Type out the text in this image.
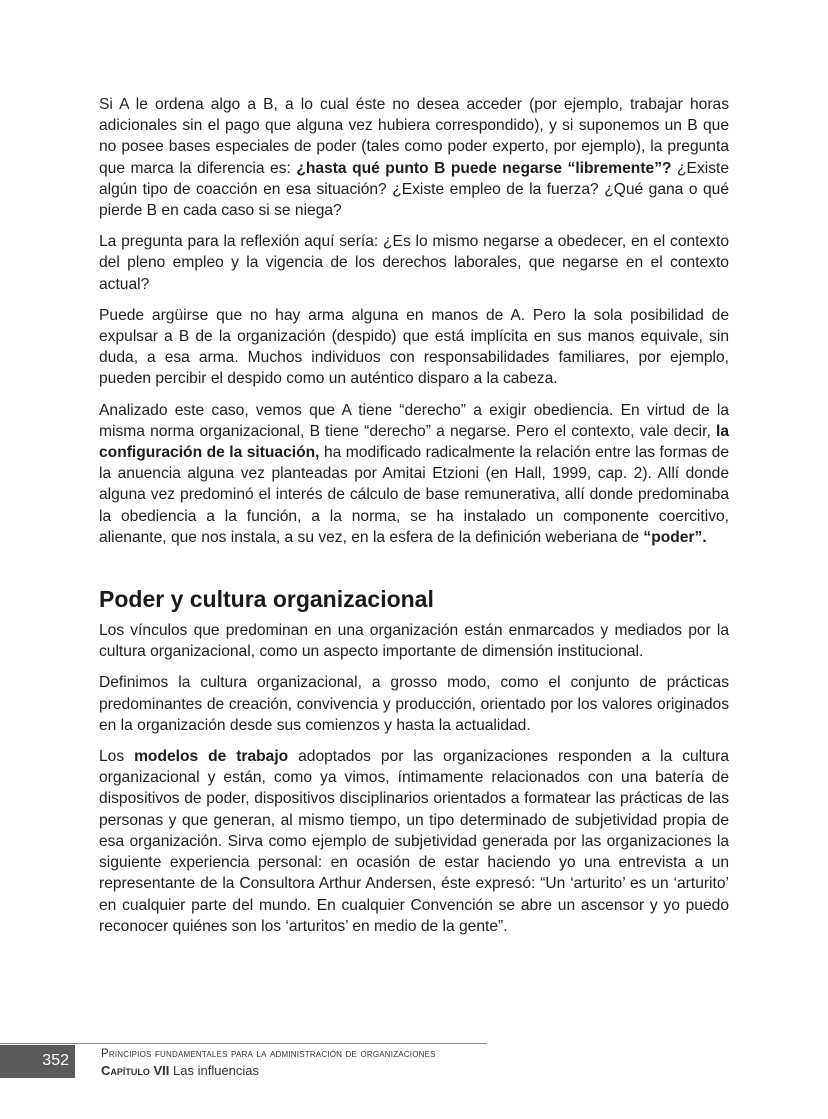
Si A le ordena algo a B, a lo cual éste no desea acceder (por ejemplo, trabajar horas adicionales sin el pago que alguna vez hubiera correspondido), y si suponemos un B que no posee bases especiales de poder (tales como poder experto, por ejemplo), la pregunta que marca la diferencia es: ¿hasta qué punto B puede negarse “libremente”? ¿Existe algún tipo de coacción en esa situación? ¿Existe empleo de la fuerza? ¿Qué gana o qué pierde B en cada caso si se niega?

La pregunta para la reflexión aquí sería: ¿Es lo mismo negarse a obedecer, en el contexto del pleno empleo y la vigencia de los derechos laborales, que negarse en el contexto actual?

Puede argüirse que no hay arma alguna en manos de A. Pero la sola posibilidad de expulsar a B de la organización (despido) que está implícita en sus manos equivale, sin duda, a esa arma. Muchos individuos con responsabilidades familiares, por ejemplo, pueden percibir el despido como un auténtico disparo a la cabeza.

Analizado este caso, vemos que A tiene “derecho” a exigir obediencia. En virtud de la misma norma organizacional, B tiene “derecho” a negarse. Pero el contexto, vale decir, la configuración de la situación, ha modificado radicalmente la relación entre las formas de la anuencia alguna vez planteadas por Amitai Etzioni (en Hall, 1999, cap. 2). Allí donde alguna vez predominó el interés de cálculo de base remunerativa, allí donde predominaba la obediencia a la función, a la norma, se ha instalado un componente coercitivo, alienante, que nos instala, a su vez, en la esfera de la definición weberiana de “poder”.

Poder y cultura organizacional

Los vínculos que predominan en una organización están enmarcados y mediados por la cultura organizacional, como un aspecto importante de dimensión institucional.

Definimos la cultura organizacional, a grosso modo, como el conjunto de prácticas predominantes de creación, convivencia y producción, orientado por los valores originados en la organización desde sus comienzos y hasta la actualidad.

Los modelos de trabajo adoptados por las organizaciones responden a la cultura organizacional y están, como ya vimos, íntimamente relacionados con una batería de dispositivos de poder, dispositivos disciplinarios orientados a formatear las prácticas de las personas y que generan, al mismo tiempo, un tipo determinado de subjetividad propia de esa organización. Sirva como ejemplo de subjetividad generada por las organizaciones la siguiente experiencia personal: en ocasión de estar haciendo yo una entrevista a un representante de la Consultora Arthur Andersen, éste expresó: “Un ‘arturito’ es un ‘arturito’ en cualquier parte del mundo. En cualquier Convención se abre un ascensor y yo puedo reconocer quiénes son los ‘arturitos’ en medio de la gente”.

352	Principios fundamentales para la administración de organizaciones
Capítulo VII Las influencias
